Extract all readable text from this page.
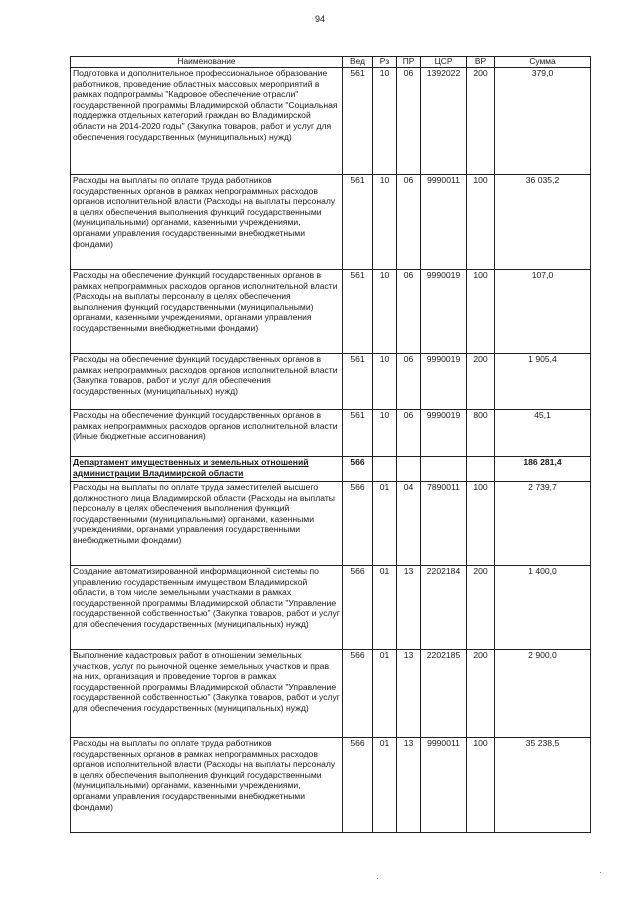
94
Наименование	Вед	Рз	ПР	ЦСР	ВР	Сумма
Подготовка и дополнительное профессиональное образование работников, проведение областных массовых мероприятий в рамках подпрограммы "Кадровое обеспечение отрасли" государственной программы Владимирской области "Социальная поддержка отдельных категорий граждан во Владимирской области на 2014-2020 годы" (Закупка товаров, работ и услуг для обеспечения государственных (муниципальных) нужд)	561	10	06	1392022	200	379,0
Расходы на выплаты по оплате труда работников государственных органов в рамках непрограммных расходов органов исполнительной власти (Расходы на выплаты персоналу в целях обеспечения выполнения функций государственными (муниципальными) органами, казенными учреждениями, органами управления государственными внебюджетными фондами)	561	10	06	9990011	100	36 035,2
Расходы на обеспечение функций государственных органов в рамках непрограммных расходов органов исполнительной власти (Расходы на выплаты персоналу в целях обеспечения выполнения функций государственными (муниципальными) органами, казенными учреждениями, органами управления государственными внебюджетными фондами)	561	10	06	9990019	100	107,0
Расходы на обеспечение функций государственных органов в рамках непрограммных расходов органов исполнительной власти (Закупка товаров, работ и услуг для обеспечения государственных (муниципальных) нужд)	561	10	06	9990019	200	1 905,4
Расходы на обеспечение функций государственных органов в рамках непрограммных расходов органов исполнительной власти (Иные бюджетные ассигнования)	561	10	06	9990019	800	45,1
Департамент имущественных и земельных отношений администрации Владимирской области	566					186 281,4
Расходы на выплаты по оплате труда заместителей высшего должностного лица Владимирской области (Расходы на выплаты персоналу в целях обеспечения выполнения функций государственными (муниципальными) органами, казенными учреждениями, органами управления государственными внебюджетными фондами)	566	01	04	7890011	100	2 739,7
Создание автоматизированной информационной системы по управлению государственным имуществом Владимирской области, в том числе земельными участками в рамках государственной программы Владимирской области "Управление государственной собственностью" (Закупка товаров, работ и услуг для обеспечения государственных (муниципальных) нужд)	566	01	13	2202184	200	1 400,0
Выполнение кадастровых работ в отношении земельных участков, услуг по рыночной оценке земельных участков и прав на них, организация и проведение торгов в рамках государственной программы Владимирской области "Управление государственной собственностью" (Закупка товаров, работ и услуг для обеспечения государственных (муниципальных) нужд)	566	01	13	2202185	200	2 900,0
Расходы на выплаты по оплате труда работников государственных органов в рамках непрограммных расходов органов исполнительной власти (Расходы на выплаты персоналу в целях обеспечения выполнения функций государственными (муниципальными) органами, казенными учреждениями, органами управления государственными внебюджетными фондами)	566	01	13	9990011	100	35 238,5
